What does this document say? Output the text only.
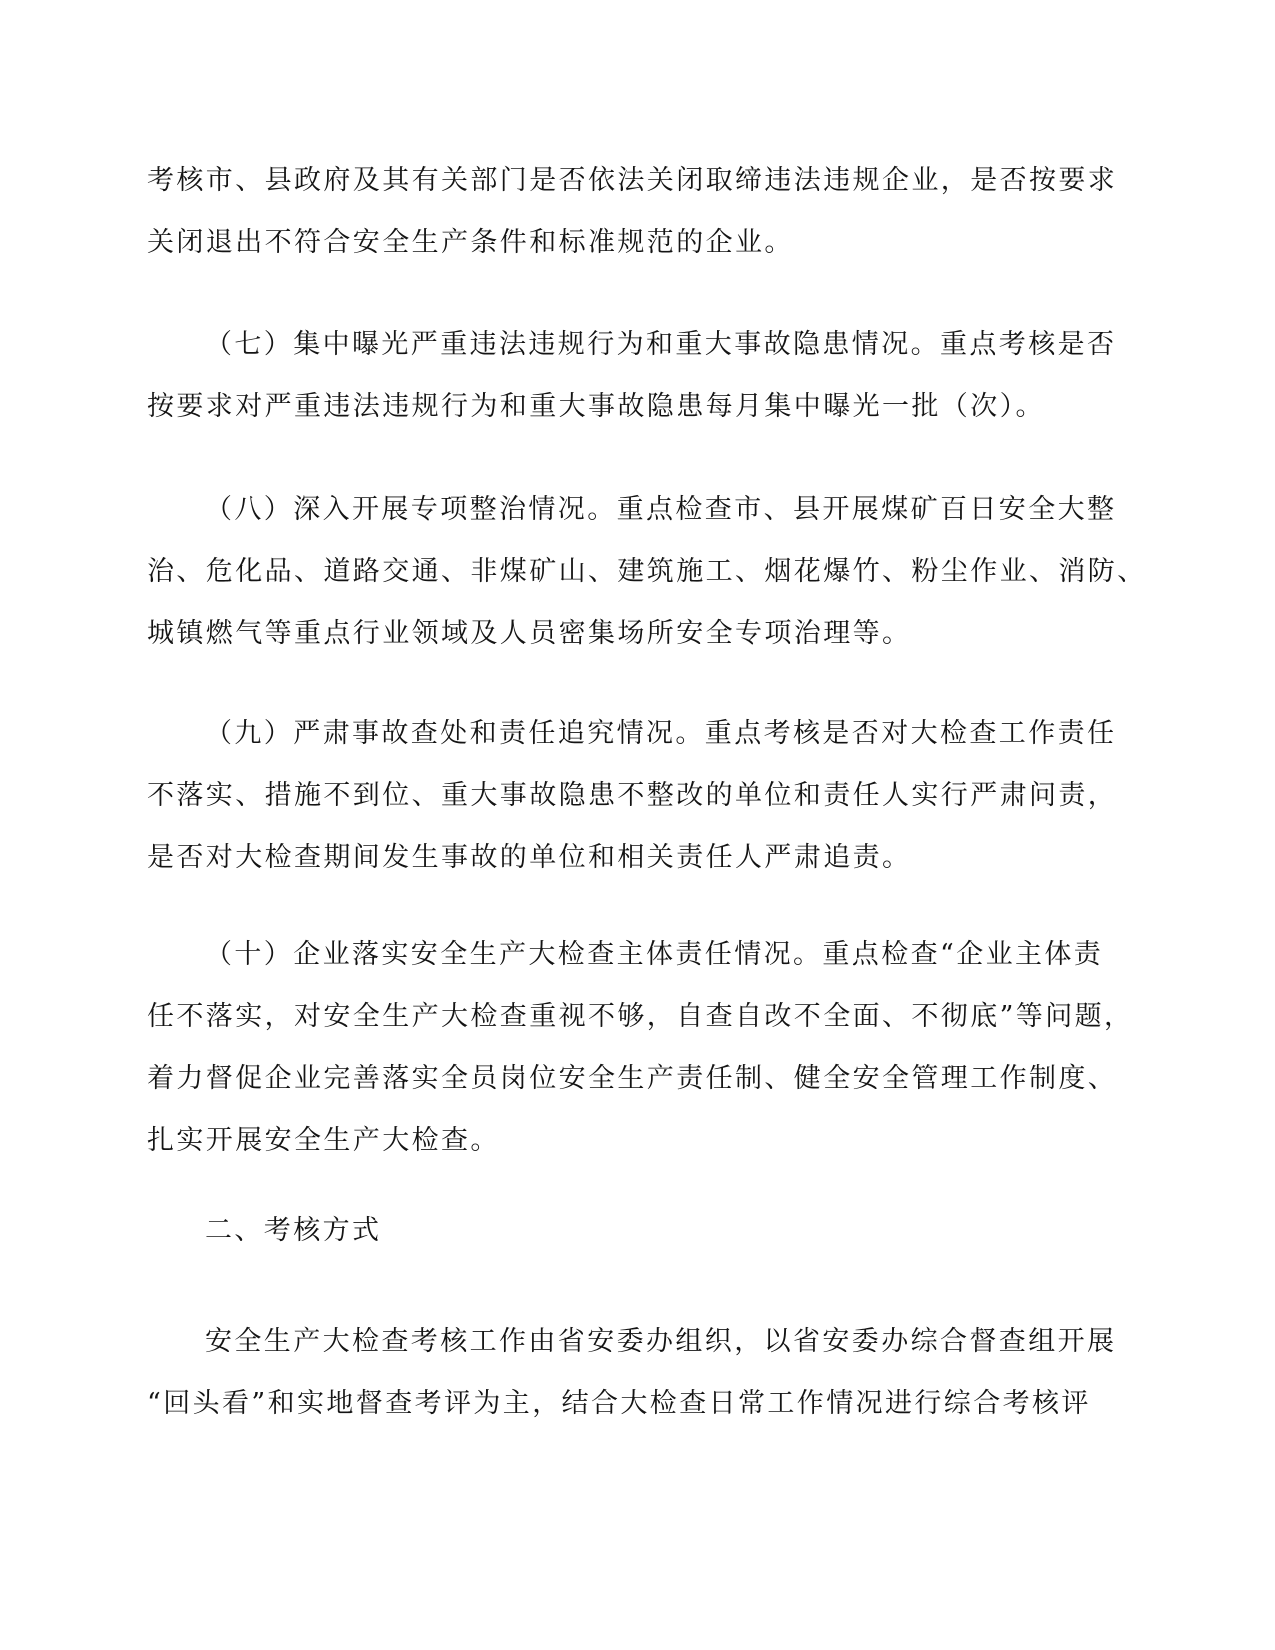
考核市、县政府及其有关部门是否依法关闭取缔违法违规企业，是否按要求
关闭退出不符合安全生产条件和标准规范的企业。

（七）集中曝光严重违法违规行为和重大事故隐患情况。重点考核是否
按要求对严重违法违规行为和重大事故隐患每月集中曝光一批（次）。

（八）深入开展专项整治情况。重点检查市、县开展煤矿百日安全大整
治、危化品、道路交通、非煤矿山、建筑施工、烟花爆竹、粉尘作业、消防、
城镇燃气等重点行业领域及人员密集场所安全专项治理等。

（九）严肃事故查处和责任追究情况。重点考核是否对大检查工作责任
不落实、措施不到位、重大事故隐患不整改的单位和责任人实行严肃问责，
是否对大检查期间发生事故的单位和相关责任人严肃追责。

（十）企业落实安全生产大检查主体责任情况。重点检查“企业主体责
任不落实，对安全生产大检查重视不够，自查自改不全面、不彻底”等问题，
着力督促企业完善落实全员岗位安全生产责任制、健全安全管理工作制度、
扎实开展安全生产大检查。

二、考核方式

安全生产大检查考核工作由省安委办组织，以省安委办综合督查组开展
“回头看”和实地督查考评为主，结合大检查日常工作情况进行综合考核评
